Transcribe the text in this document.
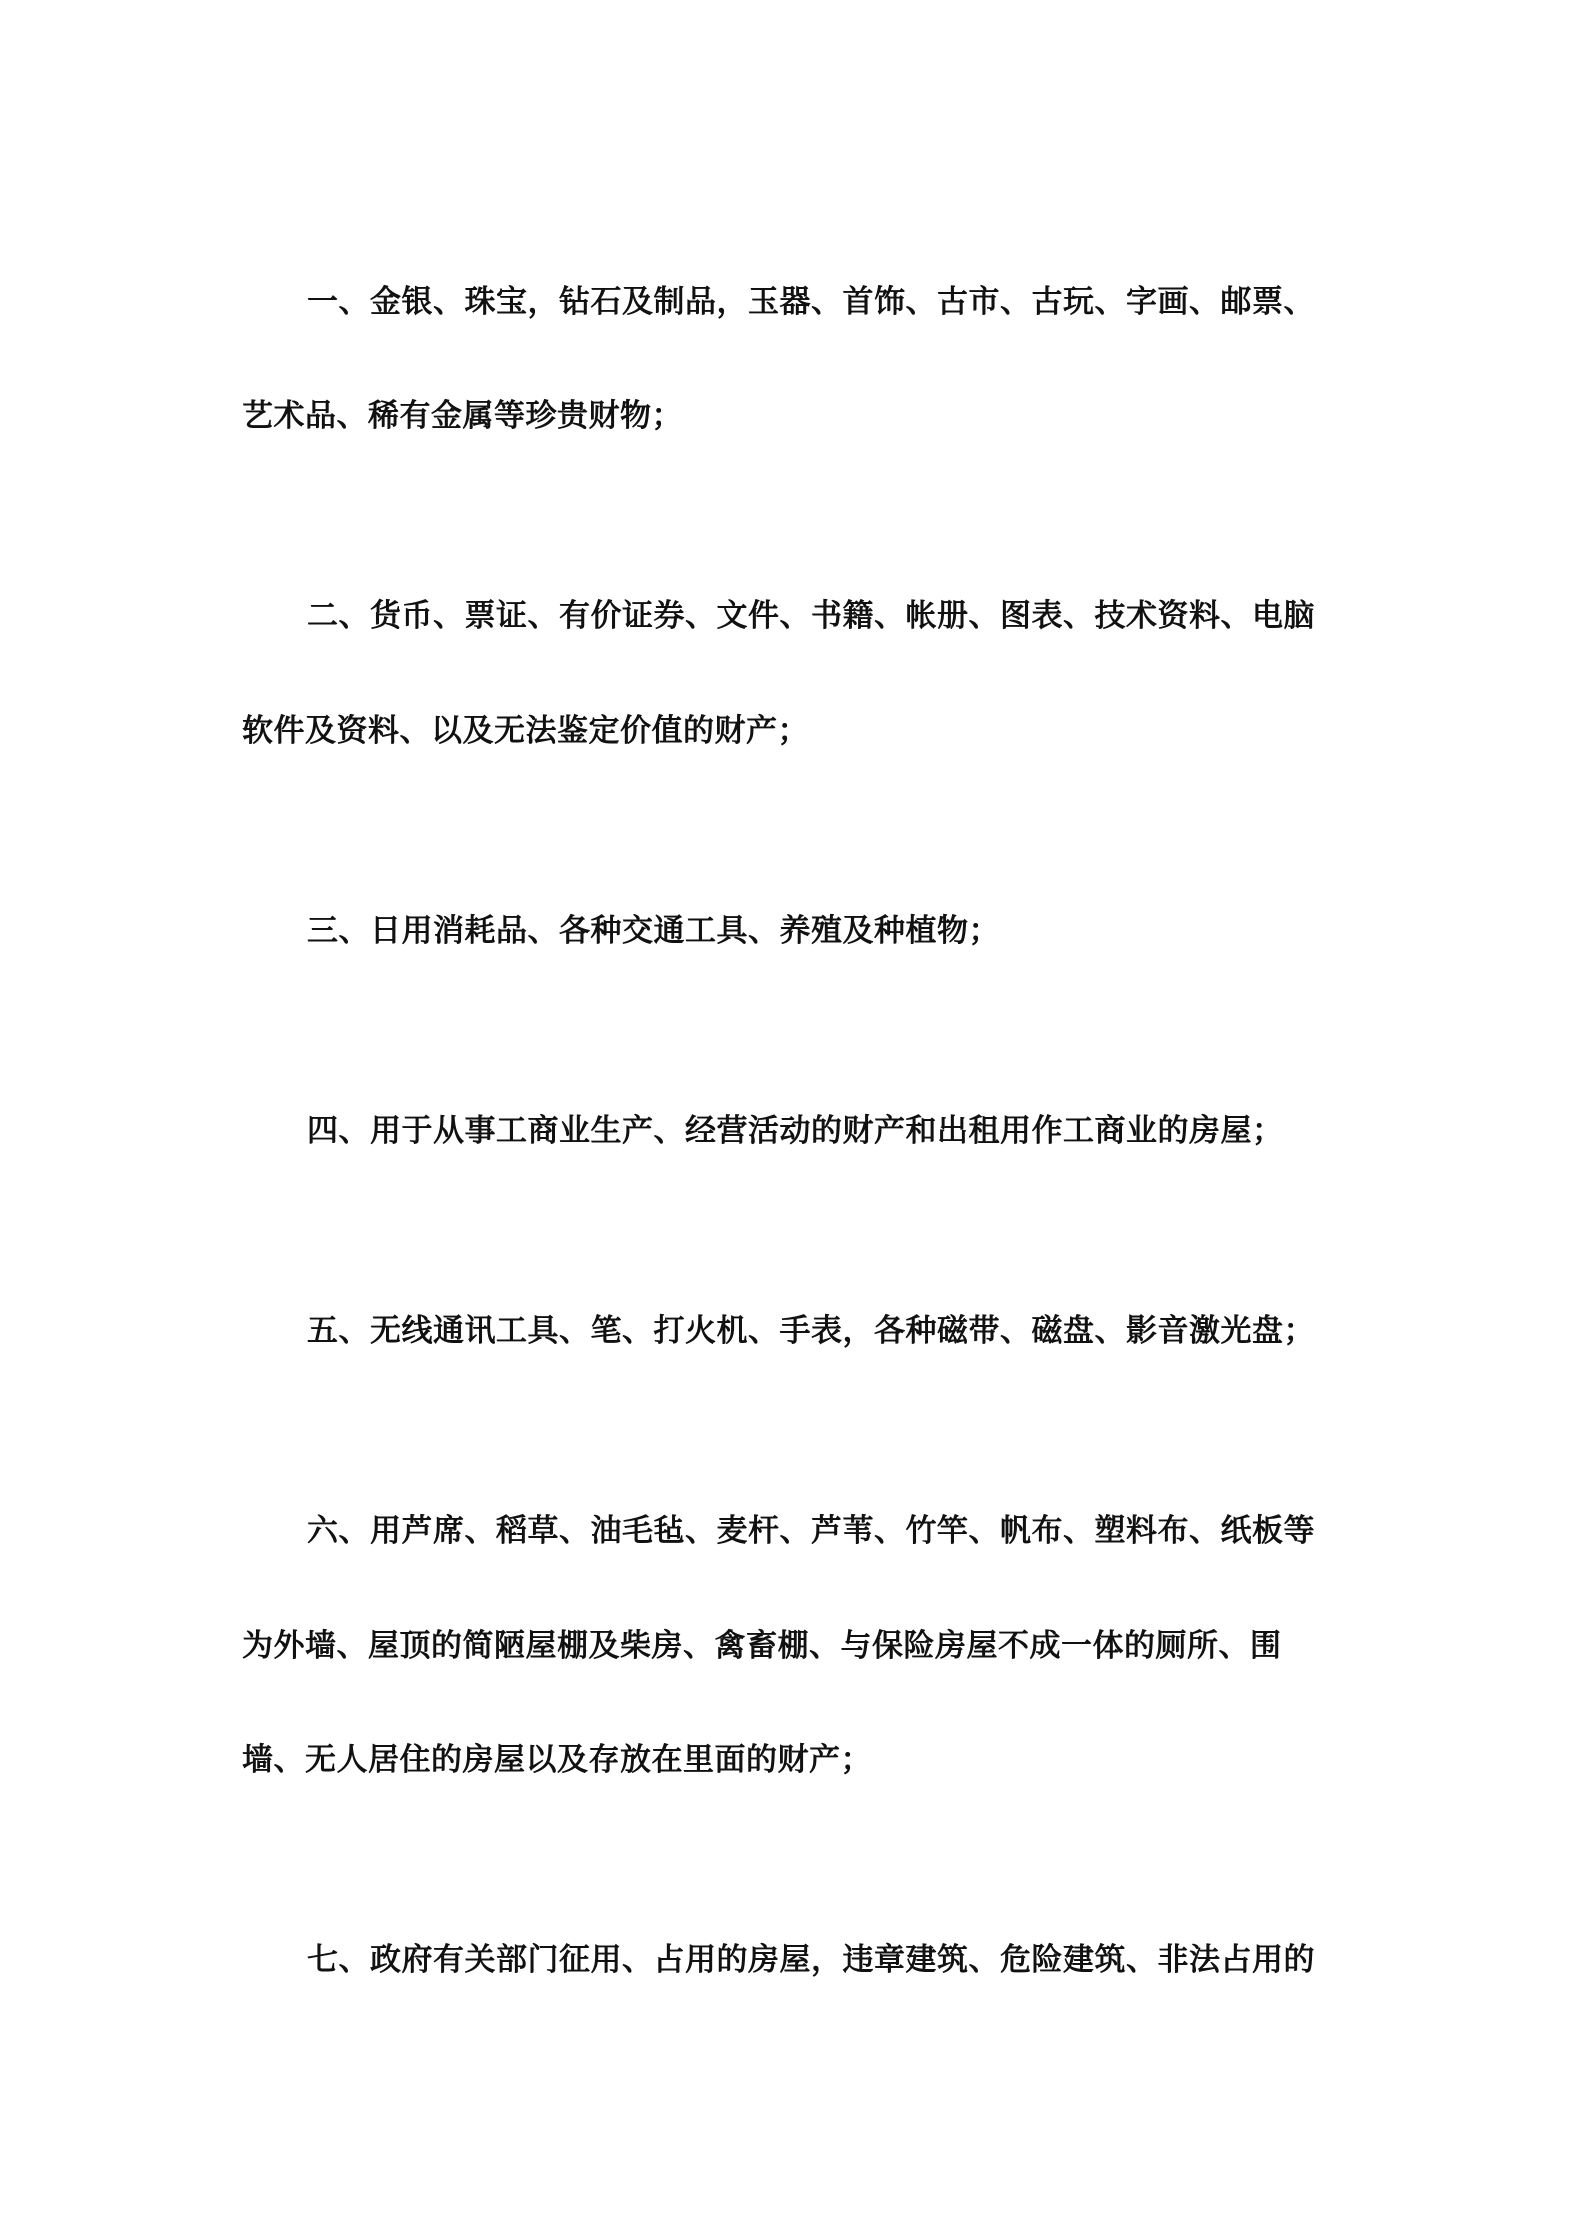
一、金银、珠宝，钻石及制品，玉器、首饰、古市、古玩、字画、邮票、
艺术品、稀有金属等珍贵财物；
二、货币、票证、有价证券、文件、书籍、帐册、图表、技术资料、电脑
软件及资料、以及无法鉴定价值的财产；
三、日用消耗品、各种交通工具、养殖及种植物；
四、用于从事工商业生产、经营活动的财产和出租用作工商业的房屋；
五、无线通讯工具、笔、打火机、手表，各种磁带、磁盘、影音激光盘；
六、用芦席、稻草、油毛毡、麦杆、芦苇、竹竿、帆布、塑料布、纸板等
为外墙、屋顶的简陋屋棚及柴房、禽畜棚、与保险房屋不成一体的厕所、围
墙、无人居住的房屋以及存放在里面的财产；
七、政府有关部门征用、占用的房屋，违章建筑、危险建筑、非法占用的
